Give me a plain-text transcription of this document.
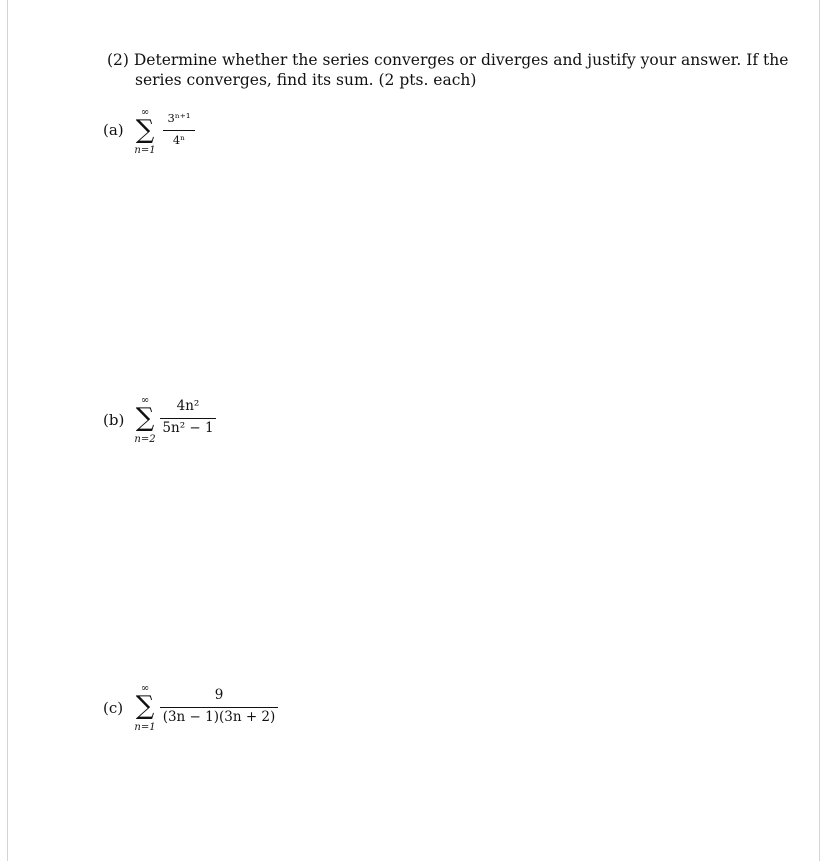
(2) Determine whether the series converges or diverges and justify your answer. If the
series converges, find its sum. (2 pts. each)
(a)
∞
∑
n=1
3ⁿ⁺¹
4ⁿ
(b)
∞
∑
n=2
4n²
5n² − 1
(c)
∞
∑
n=1
9
(3n − 1)(3n + 2)
